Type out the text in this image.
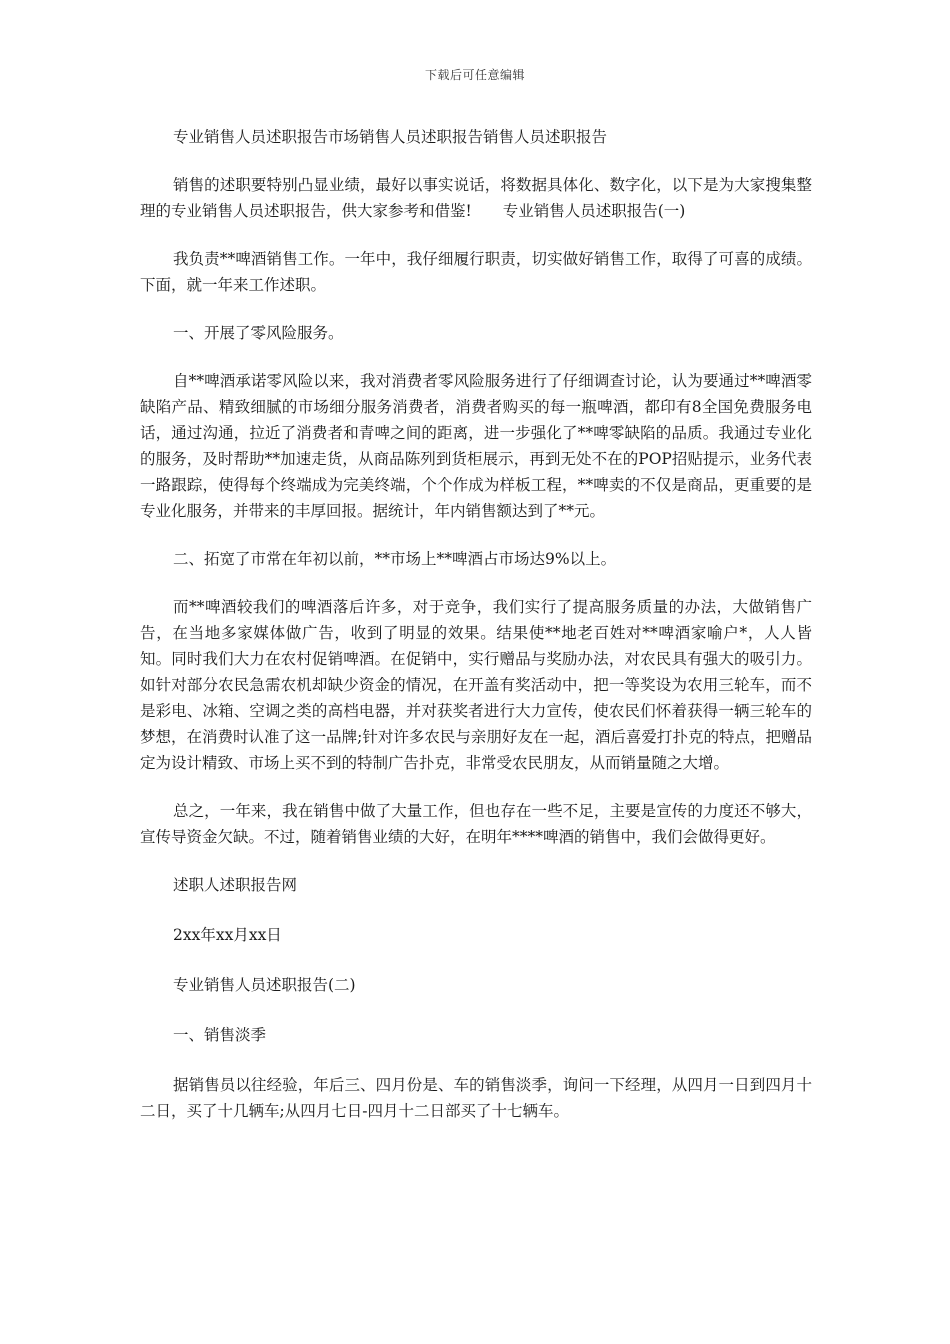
下载后可任意编辑

专业销售人员述职报告市场销售人员述职报告销售人员述职报告

销售的述职要特别凸显业绩，最好以事实说话，将数据具体化、数字化，以下是为大家搜集整理的专业销售人员述职报告，供大家参考和借鉴!　　专业销售人员述职报告(一)

我负责**啤酒销售工作。一年中，我仔细履行职责，切实做好销售工作，取得了可喜的成绩。下面，就一年来工作述职。

一、开展了零风险服务。

自**啤酒承诺零风险以来，我对消费者零风险服务进行了仔细调查讨论，认为要通过**啤酒零缺陷产品、精致细腻的市场细分服务消费者，消费者购买的每一瓶啤酒，都印有8全国免费服务电话，通过沟通，拉近了消费者和青啤之间的距离，进一步强化了**啤零缺陷的品质。我通过专业化的服务，及时帮助**加速走货，从商品陈列到货柜展示，再到无处不在的POP招贴提示，业务代表一路跟踪，使得每个终端成为完美终端，个个作成为样板工程，**啤卖的不仅是商品，更重要的是专业化服务，并带来的丰厚回报。据统计，年内销售额达到了**元。

二、拓宽了市常在年初以前，**市场上**啤酒占市场达9%以上。

而**啤酒较我们的啤酒落后许多，对于竞争，我们实行了提高服务质量的办法，大做销售广告，在当地多家媒体做广告，收到了明显的效果。结果使**地老百姓对**啤酒家喻户*，人人皆知。同时我们大力在农村促销啤酒。在促销中，实行赠品与奖励办法，对农民具有强大的吸引力。如针对部分农民急需农机却缺少资金的情况，在开盖有奖活动中，把一等奖设为农用三轮车，而不是彩电、冰箱、空调之类的高档电器，并对获奖者进行大力宣传，使农民们怀着获得一辆三轮车的梦想，在消费时认准了这一品牌;针对许多农民与亲朋好友在一起，酒后喜爱打扑克的特点，把赠品定为设计精致、市场上买不到的特制广告扑克，非常受农民朋友，从而销量随之大增。

总之，一年来，我在销售中做了大量工作，但也存在一些不足，主要是宣传的力度还不够大，宣传导资金欠缺。不过，随着销售业绩的大好，在明年****啤酒的销售中，我们会做得更好。

述职人述职报告网

2xx年xx月xx日

专业销售人员述职报告(二)

一、销售淡季

据销售员以往经验，年后三、四月份是、车的销售淡季，询问一下经理，从四月一日到四月十二日，买了十几辆车;从四月七日-四月十二日部买了十七辆车。
